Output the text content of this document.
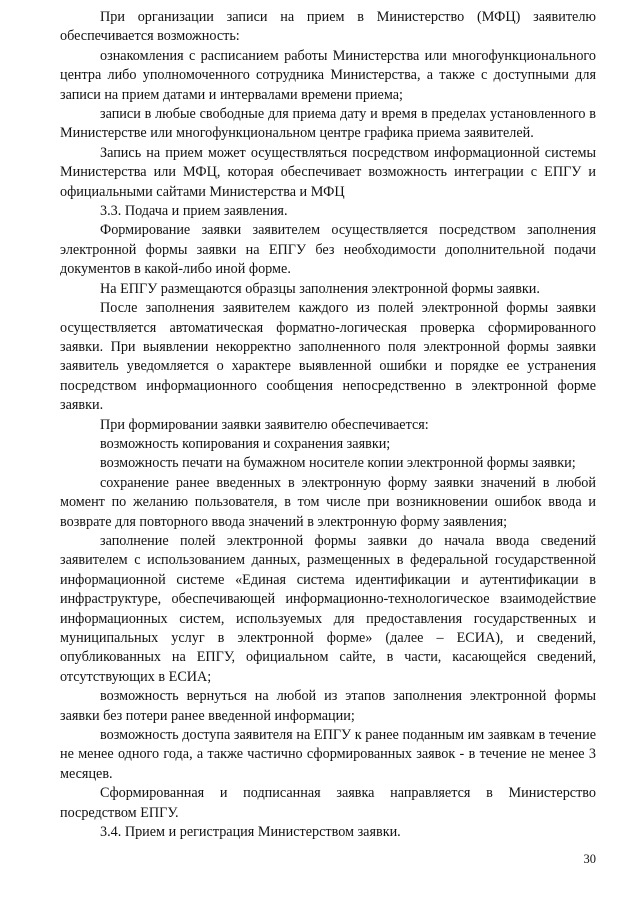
При организации записи на прием в Министерство (МФЦ) заявителю обеспечивается возможность:

ознакомления с расписанием работы Министерства или многофункционального центра либо уполномоченного сотрудника Министерства, а также с доступными для записи на прием датами и интервалами времени приема;

записи в любые свободные для приема дату и время в пределах установленного в Министерстве или многофункциональном центре графика приема заявителей.

Запись на прием может осуществляться посредством информационной системы Министерства или МФЦ, которая обеспечивает возможность интеграции с ЕПГУ и официальными сайтами Министерства и МФЦ

3.3. Подача и прием заявления.

Формирование заявки заявителем осуществляется посредством заполнения электронной формы заявки на ЕПГУ без необходимости дополнительной подачи документов в какой-либо иной форме.

На ЕПГУ размещаются образцы заполнения электронной формы заявки.

После заполнения заявителем каждого из полей электронной формы заявки осуществляется автоматическая форматно-логическая проверка сформированного заявки. При выявлении некорректно заполненного поля электронной формы заявки заявитель уведомляется о характере выявленной ошибки и порядке ее устранения посредством информационного сообщения непосредственно в электронной форме заявки.

При формировании заявки заявителю обеспечивается:

возможность копирования и сохранения заявки;

возможность печати на бумажном носителе копии электронной формы заявки;

сохранение ранее введенных в электронную форму заявки значений в любой момент по желанию пользователя, в том числе при возникновении ошибок ввода и возврате для повторного ввода значений в электронную форму заявления;

заполнение полей электронной формы заявки до начала ввода сведений заявителем с использованием данных, размещенных в федеральной государственной информационной системе «Единая система идентификации и аутентификации в инфраструктуре, обеспечивающей информационно-технологическое взаимодействие информационных систем, используемых для предоставления государственных и муниципальных услуг в электронной форме» (далее – ЕСИА), и сведений, опубликованных на ЕПГУ, официальном сайте, в части, касающейся сведений, отсутствующих в ЕСИА;

возможность вернуться на любой из этапов заполнения электронной формы заявки без потери ранее введенной информации;

возможность доступа заявителя на ЕПГУ к ранее поданным им заявкам в течение не менее одного года, а также частично сформированных заявок - в течение не менее 3 месяцев.

Сформированная и подписанная заявка направляется в Министерство посредством ЕПГУ.

3.4. Прием и регистрация Министерством заявки.

30
